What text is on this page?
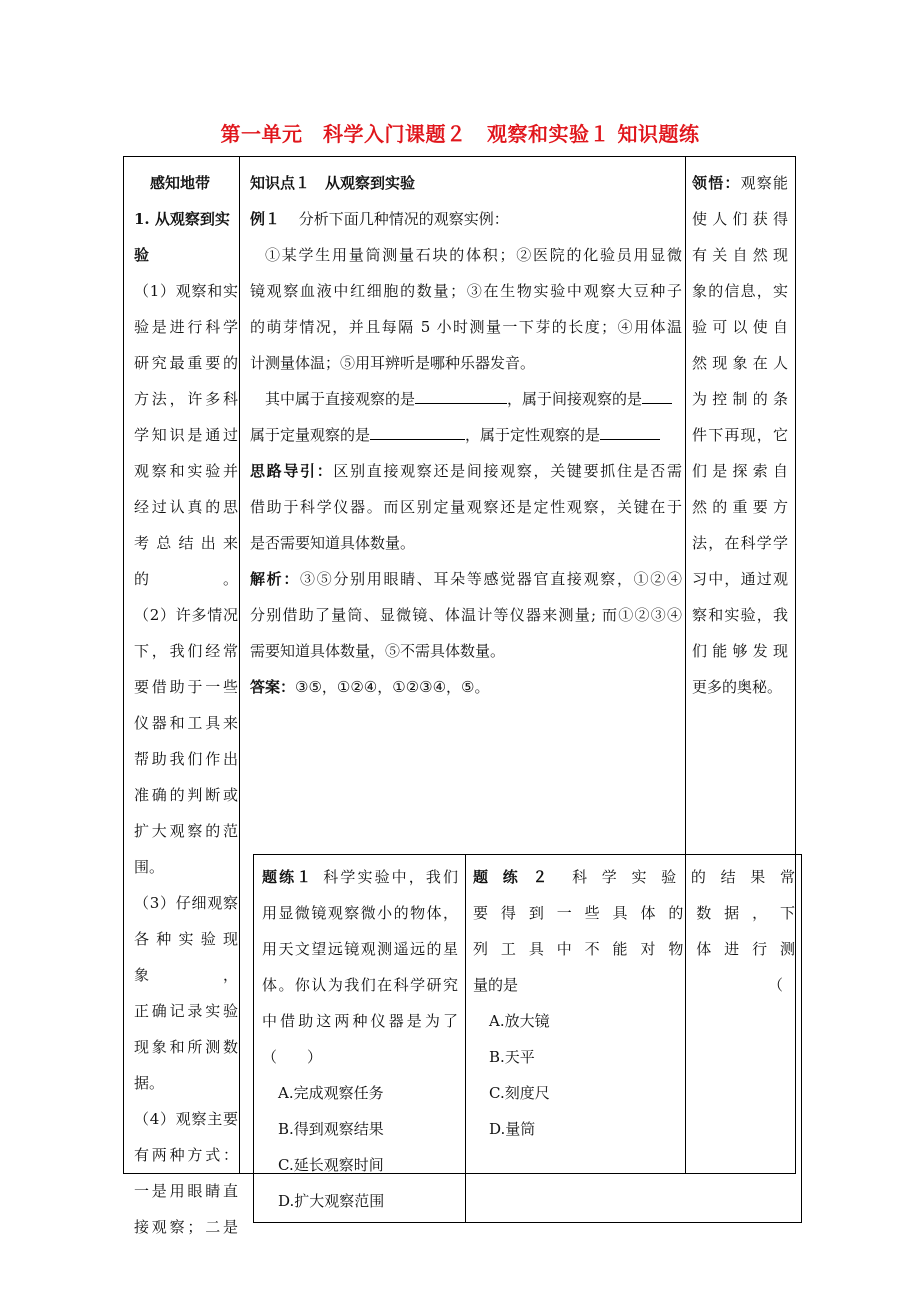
第一单元　科学入门课题２　观察和实验１ 知识题练
感知地带
1. 从观察到实
验
（1）观察和实
验是进行科学
研究最重要的
方法，许多科
学知识是通过
观察和实验并
经过认真的思
考总结出来的。
（2）许多情况
下，我们经常
要借助于一些
仪器和工具来
帮助我们作出
准确的判断或
扩大观察的范
围。
（3）仔细观察
各种实验现象，
正确记录实验
现象和所测数
据。
（4）观察主要
有两种方式：
一是用眼睛直
接观察；二是
知识点１　从观察到实验
例１ 分析下面几种情况的观察实例：
①某学生用量筒测量石块的体积；②医院的化验员用显微
镜观察血液中红细胞的数量；③在生物实验中观察大豆种子
的萌芽情况，并且每隔 5 小时测量一下芽的长度；④用体温
计测量体温；⑤用耳辨听是哪种乐器发音。
其中属于直接观察的是	，属于间接观察的是
属于定量观察的是	，属于定性观察的是
思路导引：区别直接观察还是间接观察，关键要抓住是否需
借助于科学仪器。而区别定量观察还是定性观察，关键在于
是否需要知道具体数量。
解析：③⑤分别用眼睛、耳朵等感觉器官直接观察，①②④
分别借助了量筒、显微镜、体温计等仪器来测量; 而①②③④
需要知道具体数量，⑤不需具体数量。
答案：③⑤，①②④，①②③④，⑤。
题练１ 科学实验中，我们
用显微镜观察微小的物体，
用天文望远镜观测遥远的星
体。你认为我们在科学研究
中借助这两种仪器是为了
（　　）
A.完成观察任务
B.得到观察结果
C.延长观察时间
D.扩大观察范围
题练２ 科学实验的结果常
要得到一些具体的数据，下
列工具中不能对物体进行测
量的是	（
A.放大镜
B.天平
C.刻度尺
D.量筒
领悟：观察能
使人们获得
有关自然现
象的信息，实
验可以使自
然现象在人
为控制的条
件下再现，它
们是探索自
然的重要方
法，在科学学
习中，通过观
察和实验，我
们能够发现
更多的奥秘。
